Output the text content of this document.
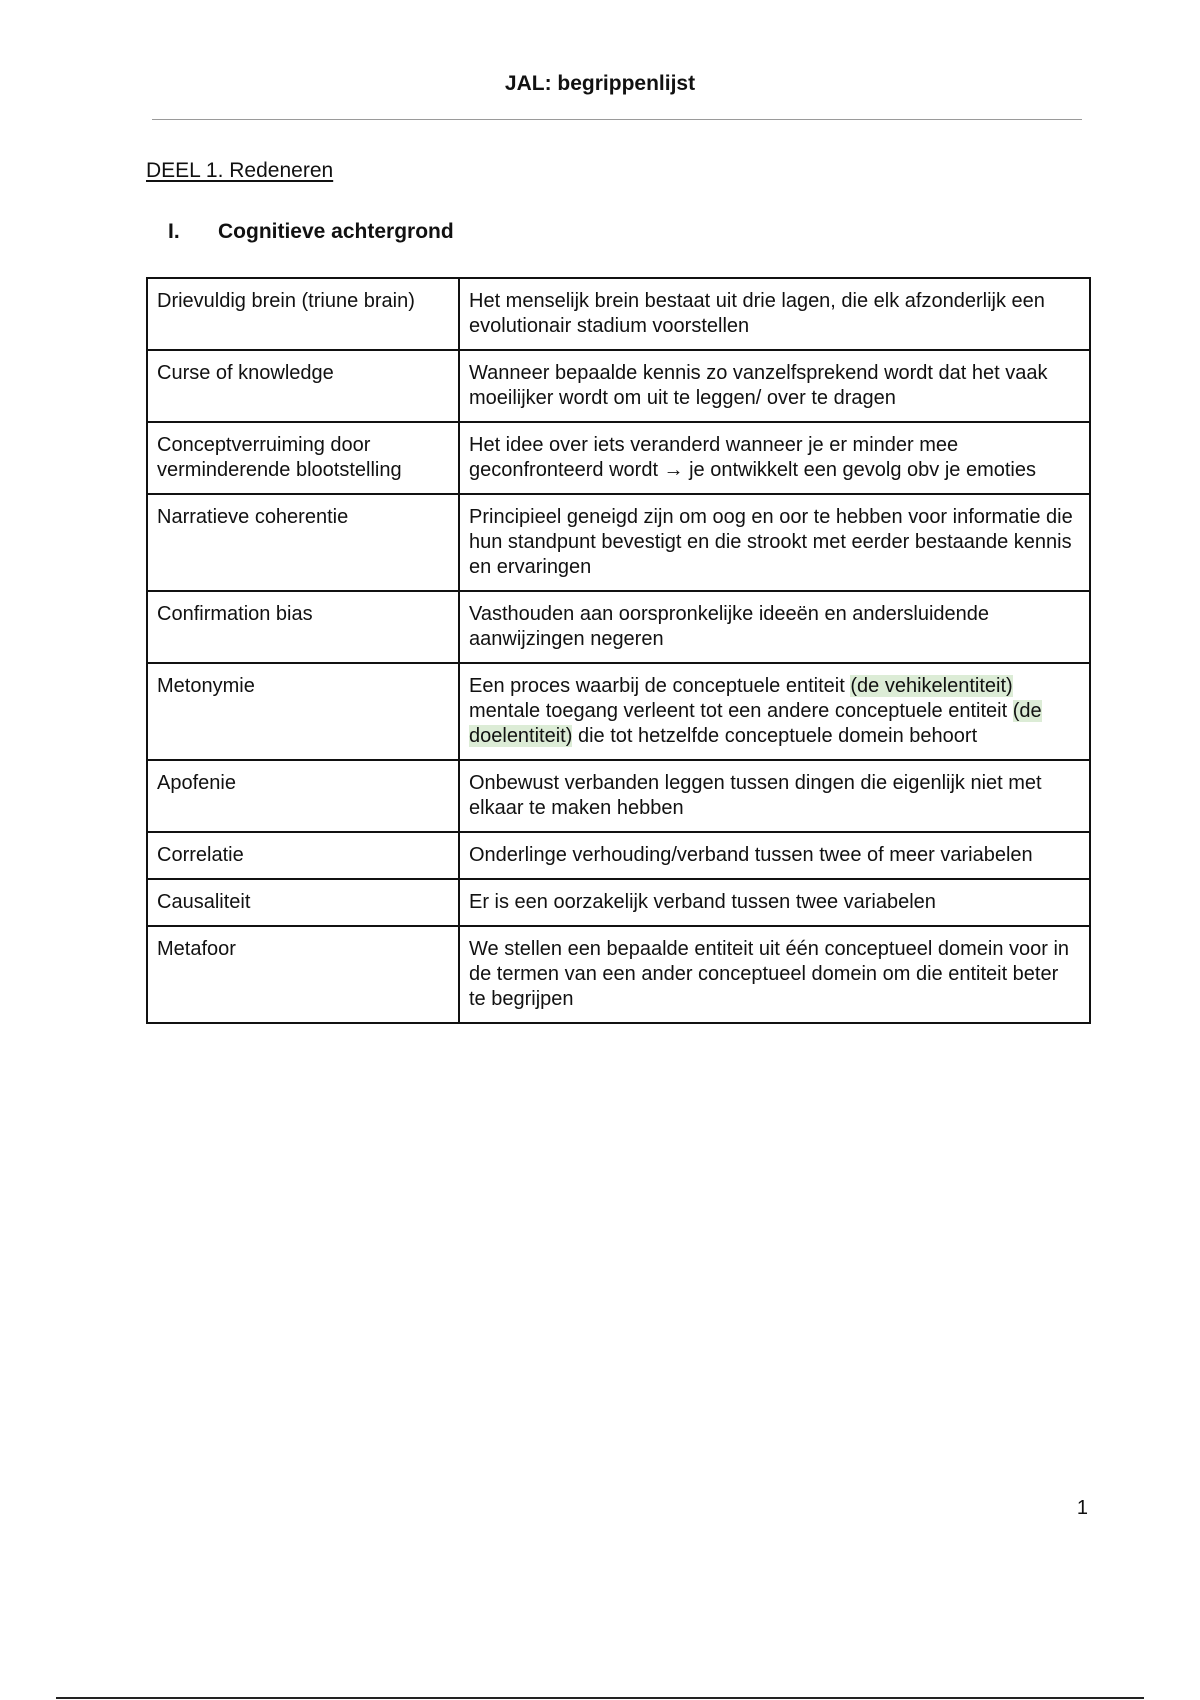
JAL: begrippenlijst
DEEL 1. Redeneren
I. Cognitieve achtergrond
Drievuldig brein (triune brain)	Het menselijk brein bestaat uit drie lagen, die elk afzonderlijk een evolutionair stadium voorstellen
Curse of knowledge	Wanneer bepaalde kennis zo vanzelfsprekend wordt dat het vaak moeilijker wordt om uit te leggen/ over te dragen
Conceptverruiming door verminderende blootstelling	Het idee over iets veranderd wanneer je er minder mee geconfronteerd wordt → je ontwikkelt een gevolg obv je emoties
Narratieve coherentie	Principieel geneigd zijn om oog en oor te hebben voor informatie die hun standpunt bevestigt en die strookt met eerder bestaande kennis en ervaringen
Confirmation bias	Vasthouden aan oorspronkelijke ideeën en andersluidende aanwijzingen negeren
Metonymie	Een proces waarbij de conceptuele entiteit (de vehikelentiteit) mentale toegang verleent tot een andere conceptuele entiteit (de doelentiteit) die tot hetzelfde conceptuele domein behoort
Apofenie	Onbewust verbanden leggen tussen dingen die eigenlijk niet met elkaar te maken hebben
Correlatie	Onderlinge verhouding/verband tussen twee of meer variabelen
Causaliteit	Er is een oorzakelijk verband tussen twee variabelen
Metafoor	We stellen een bepaalde entiteit uit één conceptueel domein voor in de termen van een ander conceptueel domein om die entiteit beter te begrijpen
1
